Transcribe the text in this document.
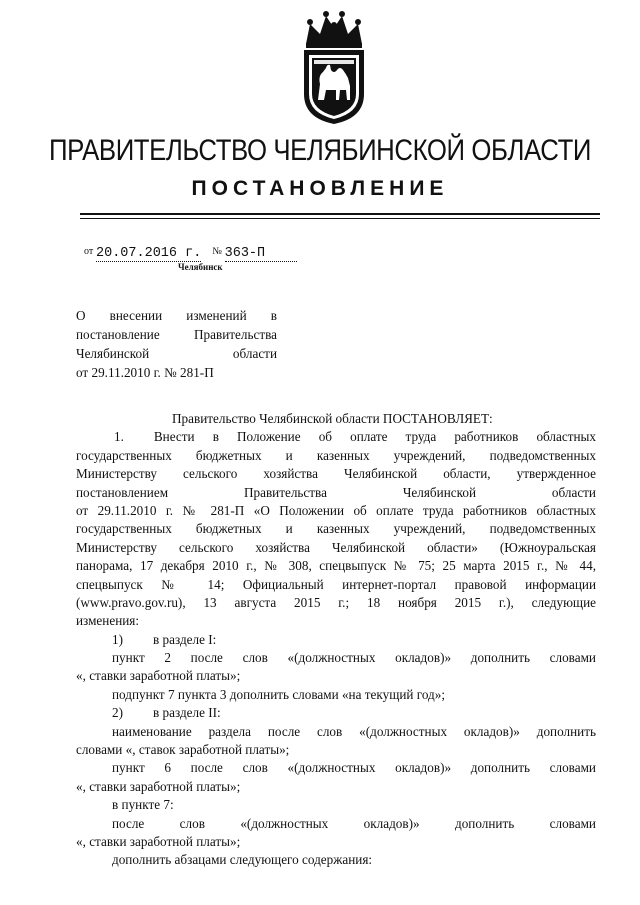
ПРАВИТЕЛЬСТВО ЧЕЛЯБИНСКОЙ ОБЛАСТИ
ПОСТАНОВЛЕНИЕ
от 20.07.2016 г. № 363-П
Челябинск
О внесении изменений в
постановление Правительства
Челябинской области
от 29.11.2010 г. № 281-П
Правительство Челябинской области ПОСТАНОВЛЯЕТ:
1. Внести в Положение об оплате труда работников областных
государственных бюджетных и казенных учреждений, подведомственных
Министерству сельского хозяйства Челябинской области, утвержденное
постановлением Правительства Челябинской области
от 29.11.2010 г. № 281-П «О Положении об оплате труда работников областных
государственных бюджетных и казенных учреждений, подведомственных
Министерству сельского хозяйства Челябинской области» (Южноуральская
панорама, 17 декабря 2010 г., № 308, спецвыпуск № 75; 25 марта 2015 г., № 44,
спецвыпуск № 14; Официальный интернет-портал правовой информации
(www.pravo.gov.ru), 13 августа 2015 г.; 18 ноября 2015 г.), следующие
изменения:
1) в разделе I:
пункт 2 после слов «(должностных окладов)» дополнить словами
«, ставки заработной платы»;
подпункт 7 пункта 3 дополнить словами «на текущий год»;
2) в разделе II:
наименование раздела после слов «(должностных окладов)» дополнить
словами «, ставок заработной платы»;
пункт 6 после слов «(должностных окладов)» дополнить словами
«, ставки заработной платы»;
в пункте 7:
после слов «(должностных окладов)» дополнить словами
«, ставки заработной платы»;
дополнить абзацами следующего содержания:
